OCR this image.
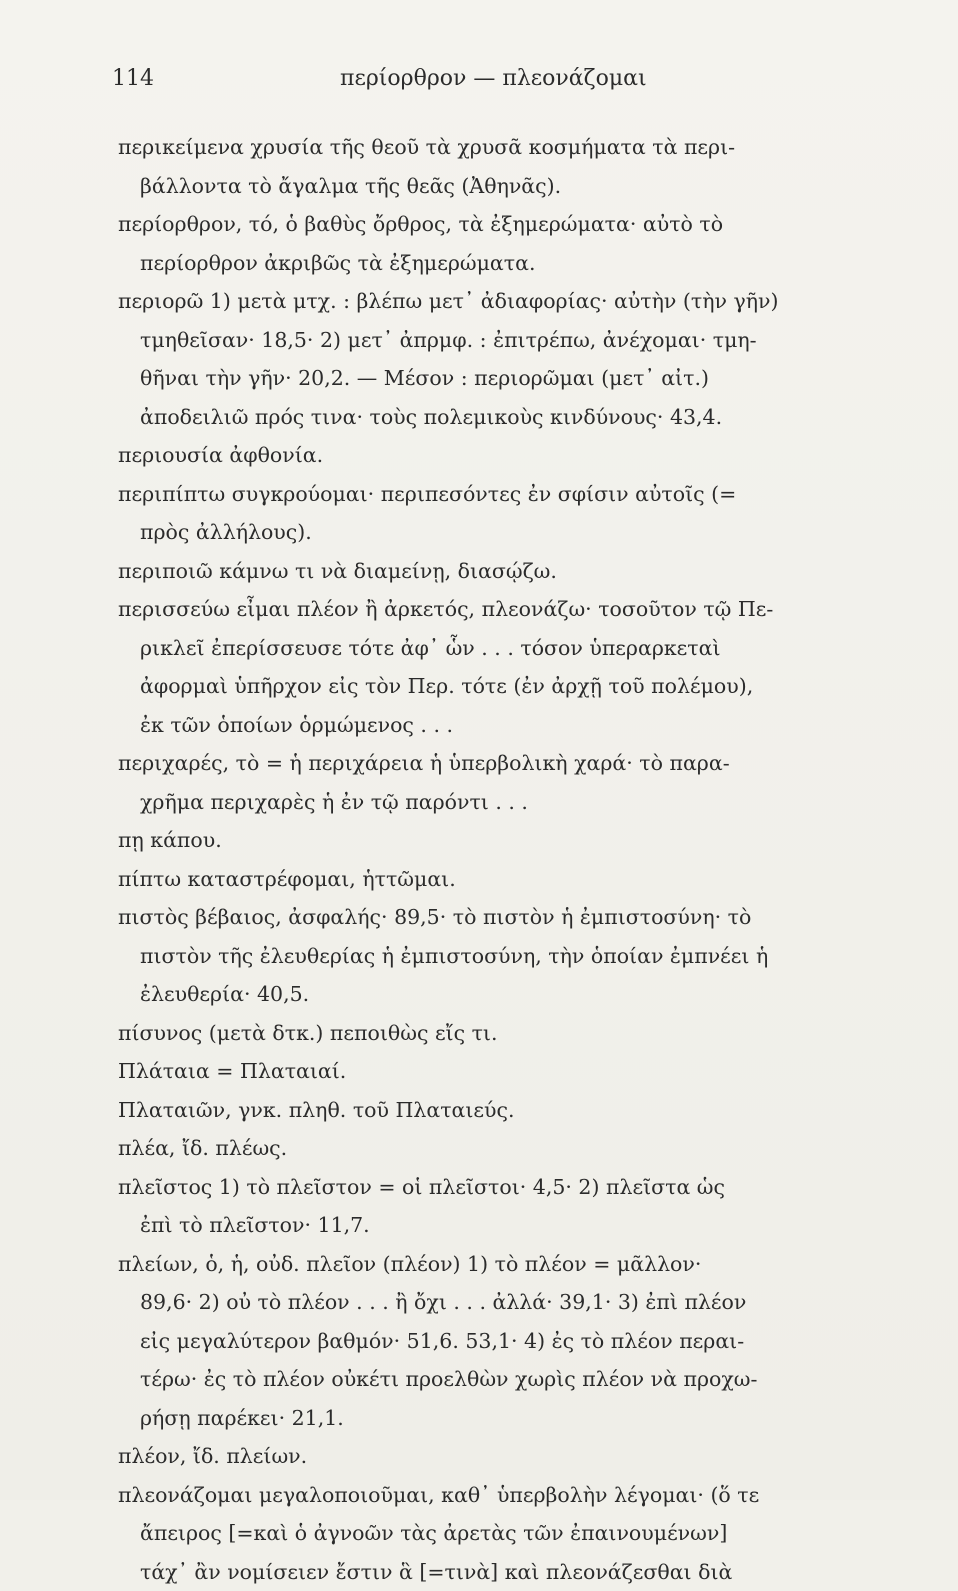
114	περίορθρον — πλεονάζομαι
περικείμενα χρυσία τῆς θεοῦ τὰ χρυσᾶ κοσμήματα τὰ περι-
βάλλοντα τὸ ἄγαλμα τῆς θεᾶς (Ἀθηνᾶς).
περίορθρον, τό, ὁ βαθὺς ὄρθρος, τὰ ἐξημερώματα· αὐτὸ τὸ
περίορθρον ἀκριβῶς τὰ ἐξημερώματα.
περιορῶ 1) μετὰ μτχ. : βλέπω μετ᾽ ἀδιαφορίας· αὐτὴν (τὴν γῆν)
τμηθεῖσαν· 18,5· 2) μετ᾽ ἀπρμφ. : ἐπιτρέπω, ἀνέχομαι· τμη-
θῆναι τὴν γῆν· 20,2. — Μέσον : περιορῶμαι (μετ᾽ αἰτ.)
ἀποδειλιῶ πρός τινα· τοὺς πολεμικοὺς κινδύνους· 43,4.
περιουσία ἀφθονία.
περιπίπτω συγκρούομαι· περιπεσόντες ἐν σφίσιν αὐτοῖς (=
πρὸς ἀλλήλους).
περιποιῶ κάμνω τι νὰ διαμείνῃ, διασῴζω.
περισσεύω εἶμαι πλέον ἢ ἀρκετός, πλεονάζω· τοσοῦτον τῷ Πε-
ρικλεῖ ἐπερίσσευσε τότε ἀφ᾽ ὧν . . . τόσον ὑπεραρκεταὶ
ἀφορμαὶ ὑπῆρχον εἰς τὸν Περ. τότε (ἐν ἀρχῇ τοῦ πολέμου),
ἐκ τῶν ὁποίων ὁρμώμενος . . .
περιχαρές, τὸ = ἡ περιχάρεια ἡ ὑπερβολικὴ χαρά· τὸ παρα-
χρῆμα περιχαρὲς ἡ ἐν τῷ παρόντι . . .
πῃ κάπου.
πίπτω καταστρέφομαι, ἡττῶμαι.
πιστὸς βέβαιος, ἀσφαλής· 89,5· τὸ πιστὸν ἡ ἐμπιστοσύνη· τὸ
πιστὸν τῆς ἐλευθερίας ἡ ἐμπιστοσύνη, τὴν ὁποίαν ἐμπνέει ἡ
ἐλευθερία· 40,5.
πίσυνος (μετὰ δτκ.) πεποιθὼς εἴς τι.
Πλάταια = Πλαταιαί.
Πλαταιῶν, γνκ. πληθ. τοῦ Πλαταιεύς.
πλέα, ἴδ. πλέως.
πλεῖστος 1) τὸ πλεῖστον = οἱ πλεῖστοι· 4,5· 2) πλεῖστα ὡς
ἐπὶ τὸ πλεῖστον· 11,7.
πλείων, ὁ, ἡ, οὐδ. πλεῖον (πλέον) 1) τὸ πλέον = μᾶλλον·
89,6· 2) οὐ τὸ πλέον . . . ἢ ὄχι . . . ἀλλά· 39,1· 3) ἐπὶ πλέον
εἰς μεγαλύτερον βαθμόν· 51,6. 53,1· 4) ἐς τὸ πλέον περαι-
τέρω· ἐς τὸ πλέον οὐκέτι προελθὼν χωρὶς πλέον νὰ προχω-
ρήσῃ παρέκει· 21,1.
πλέον, ἴδ. πλείων.
πλεονάζομαι μεγαλοποιοῦμαι, καθ᾽ ὑπερβολὴν λέγομαι· (ὅ τε
ἄπειρος [=καὶ ὁ ἀγνοῶν τὰς ἀρετὰς τῶν ἐπαινουμένων]
τάχ᾽ ἂν νομίσειεν ἔστιν ἃ [=τινὰ] καὶ πλεονάζεσθαι διὰ
